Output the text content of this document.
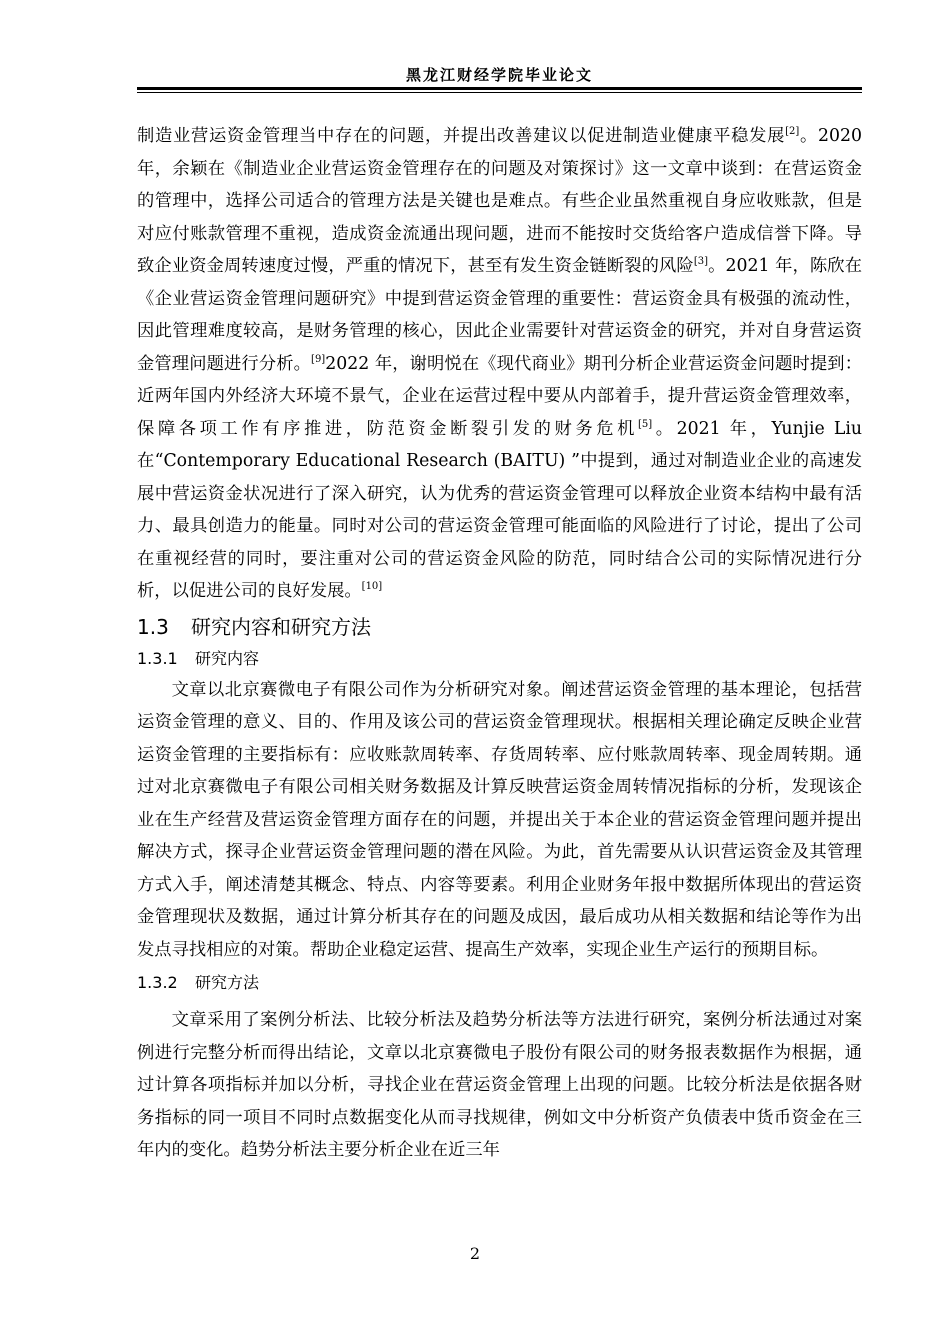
黑龙江财经学院毕业论文

制造业营运资金管理当中存在的问题，并提出改善建议以促进制造业健康平稳发展[2]。2020 年，余颖在《制造业企业营运资金管理存在的问题及对策探讨》这一文章中谈到：在营运资金的管理中，选择公司适合的管理方法是关键也是难点。有些企业虽然重视自身应收账款，但是对应付账款管理不重视，造成资金流通出现问题，进而不能按时交货给客户造成信誉下降。导致企业资金周转速度过慢，严重的情况下，甚至有发生资金链断裂的风险[3]。2021 年，陈欣在《企业营运资金管理问题研究》中提到营运资金管理的重要性：营运资金具有极强的流动性，因此管理难度较高，是财务管理的核心，因此企业需要针对营运资金的研究，并对自身营运资金管理问题进行分析。[9]2022 年，谢明悦在《现代商业》期刊分析企业营运资金问题时提到：近两年国内外经济大环境不景气，企业在运营过程中要从内部着手，提升营运资金管理效率，保障各项工作有序推进，防范资金断裂引发的财务危机[5]。2021 年，Yunjie Liu 在“Contemporary Educational Research (BAITU) ”中提到，通过对制造业企业的高速发展中营运资金状况进行了深入研究，认为优秀的营运资金管理可以释放企业资本结构中最有活力、最具创造力的能量。同时对公司的营运资金管理可能面临的风险进行了讨论，提出了公司在重视经营的同时，要注重对公司的营运资金风险的防范，同时结合公司的实际情况进行分析，以促进公司的良好发展。[10]

1.3 研究内容和研究方法
1.3.1 研究内容

文章以北京赛微电子有限公司作为分析研究对象。阐述营运资金管理的基本理论，包括营运资金管理的意义、目的、作用及该公司的营运资金管理现状。根据相关理论确定反映企业营运资金管理的主要指标有：应收账款周转率、存货周转率、应付账款周转率、现金周转期。通过对北京赛微电子有限公司相关财务数据及计算反映营运资金周转情况指标的分析，发现该企业在生产经营及营运资金管理方面存在的问题，并提出关于本企业的营运资金管理问题并提出解决方式，探寻企业营运资金管理问题的潜在风险。为此，首先需要从认识营运资金及其管理方式入手，阐述清楚其概念、特点、内容等要素。利用企业财务年报中数据所体现出的营运资金管理现状及数据，通过计算分析其存在的问题及成因，最后成功从相关数据和结论等作为出发点寻找相应的对策。帮助企业稳定运营、提高生产效率，实现企业生产运行的预期目标。

1.3.2 研究方法

文章采用了案例分析法、比较分析法及趋势分析法等方法进行研究，案例分析法通过对案例进行完整分析而得出结论，文章以北京赛微电子股份有限公司的财务报表数据作为根据，通过计算各项指标并加以分析，寻找企业在营运资金管理上出现的问题。比较分析法是依据各财务指标的同一项目不同时点数据变化从而寻找规律，例如文中分析资产负债表中货币资金在三年内的变化。趋势分析法主要分析企业在近三年

2
